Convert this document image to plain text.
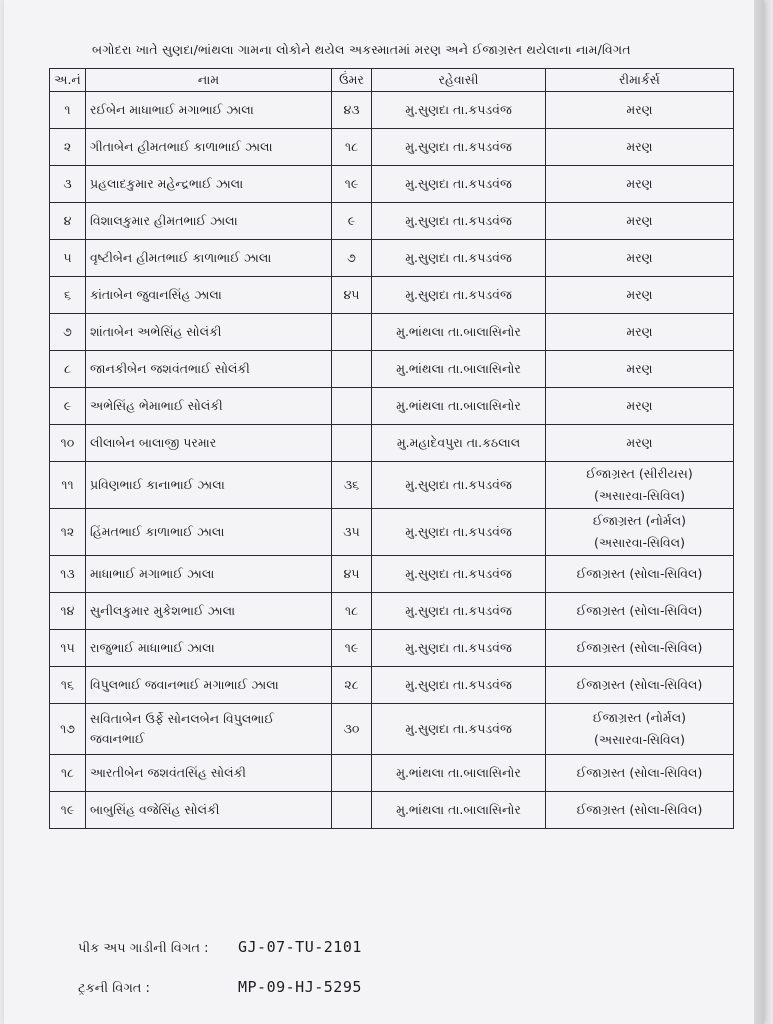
બગોદરા ખાતે સુણદા/ભાંથલા ગામના લોકોને થયેલ અકસ્માતમાં મરણ અને ઈજાગ્રસ્ત થયેલાના નામ/વિગત
અ.નં	નામ	ઉંમર	રહેવાસી	રીમાર્કર્સ
૧	રઈબેન માધાભાઈ મગાભાઈ ઝાલા	૪૩	મુ.સુણદા તા.કપડવંજ	મરણ
૨	ગીતાબેન હીમતભાઈ કાળાભાઈ ઝાલા	૧૮	મુ.સુણદા તા.કપડવંજ	મરણ
૩	પ્રહલાદકુમાર મહેન્દ્રભાઈ ઝાલા	૧૯	મુ.સુણદા તા.કપડવંજ	મરણ
૪	વિશાલકુમાર હીમતભાઈ ઝાલા	૯	મુ.સુણદા તા.કપડવંજ	મરણ
૫	વૃષ્ટીબેન હીમતભાઈ કાળાભાઈ ઝાલા	૭	મુ.સુણદા તા.કપડવંજ	મરણ
૬	કાંતાબેન જુવાનસિંહ ઝાલા	૪૫	મુ.સુણદા તા.કપડવંજ	મરણ
૭	શાંતાબેન અભેસિંહ સોલંકી		મુ.ભાંથલા તા.બાલાસિનોર	મરણ
૮	જાનકીબેન જશવંતભાઈ સોલંકી		મુ.ભાંથલા તા.બાલાસિનોર	મરણ
૯	અભેસિંહ ભેમાભાઈ સોલંકી		મુ.ભાંથલા તા.બાલાસિનોર	મરણ
૧૦	લીલાબેન બાલાજી પરમાર		મુ.મહાદેવપુરા તા.કઠલાલ	મરણ
૧૧	પ્રવિણભાઈ કાનાભાઈ ઝાલા	૩૬	મુ.સુણદા તા.કપડવંજ	ઈજાગ્રસ્ત (સીરીયસ)
(અસારવા-સિવિલ)
૧૨	હિંમતભાઈ કાળાભાઈ ઝાલા	૩૫	મુ.સુણદા તા.કપડવંજ	ઈજાગ્રસ્ત (નોર્મલ)
(અસારવા-સિવિલ)
૧૩	માધાભાઈ મગાભાઈ ઝાલા	૪૫	મુ.સુણદા તા.કપડવંજ	ઈજાગ્રસ્ત (સોલા-સિવિલ)
૧૪	સુનીલકુમાર મુકેશભાઈ ઝાલા	૧૮	મુ.સુણદા તા.કપડવંજ	ઈજાગ્રસ્ત (સોલા-સિવિલ)
૧૫	રાજુભાઈ માધાભાઈ ઝાલા	૧૯	મુ.સુણદા તા.કપડવંજ	ઈજાગ્રસ્ત (સોલા-સિવિલ)
૧૬	વિપુલભાઈ જવાનભાઈ મગાભાઈ ઝાલા	૨૮	મુ.સુણદા તા.કપડવંજ	ઈજાગ્રસ્ત (સોલા-સિવિલ)
૧૭	સવિતાબેન ઉર્ફે સોનલબેન વિપુલભાઈ
જવાનભાઈ	૩૦	મુ.સુણદા તા.કપડવંજ	ઈજાગ્રસ્ત (નોર્મલ)
(અસારવા-સિવિલ)
૧૮	આરતીબેન જશવંતસિંહ સોલંકી		મુ.ભાંથલા તા.બાલાસિનોર	ઈજાગ્રસ્ત (સોલા-સિવિલ)
૧૯	બાબુસિંહ વજેસિંહ સોલંકી		મુ.ભાંથલા તા.બાલાસિનોર	ઈજાગ્રસ્ત (સોલા-સિવિલ)
પીક અપ ગાડીની વિગત : GJ-07-TU-2101
ટ્રકની વિગત :	MP-09-HJ-5295
